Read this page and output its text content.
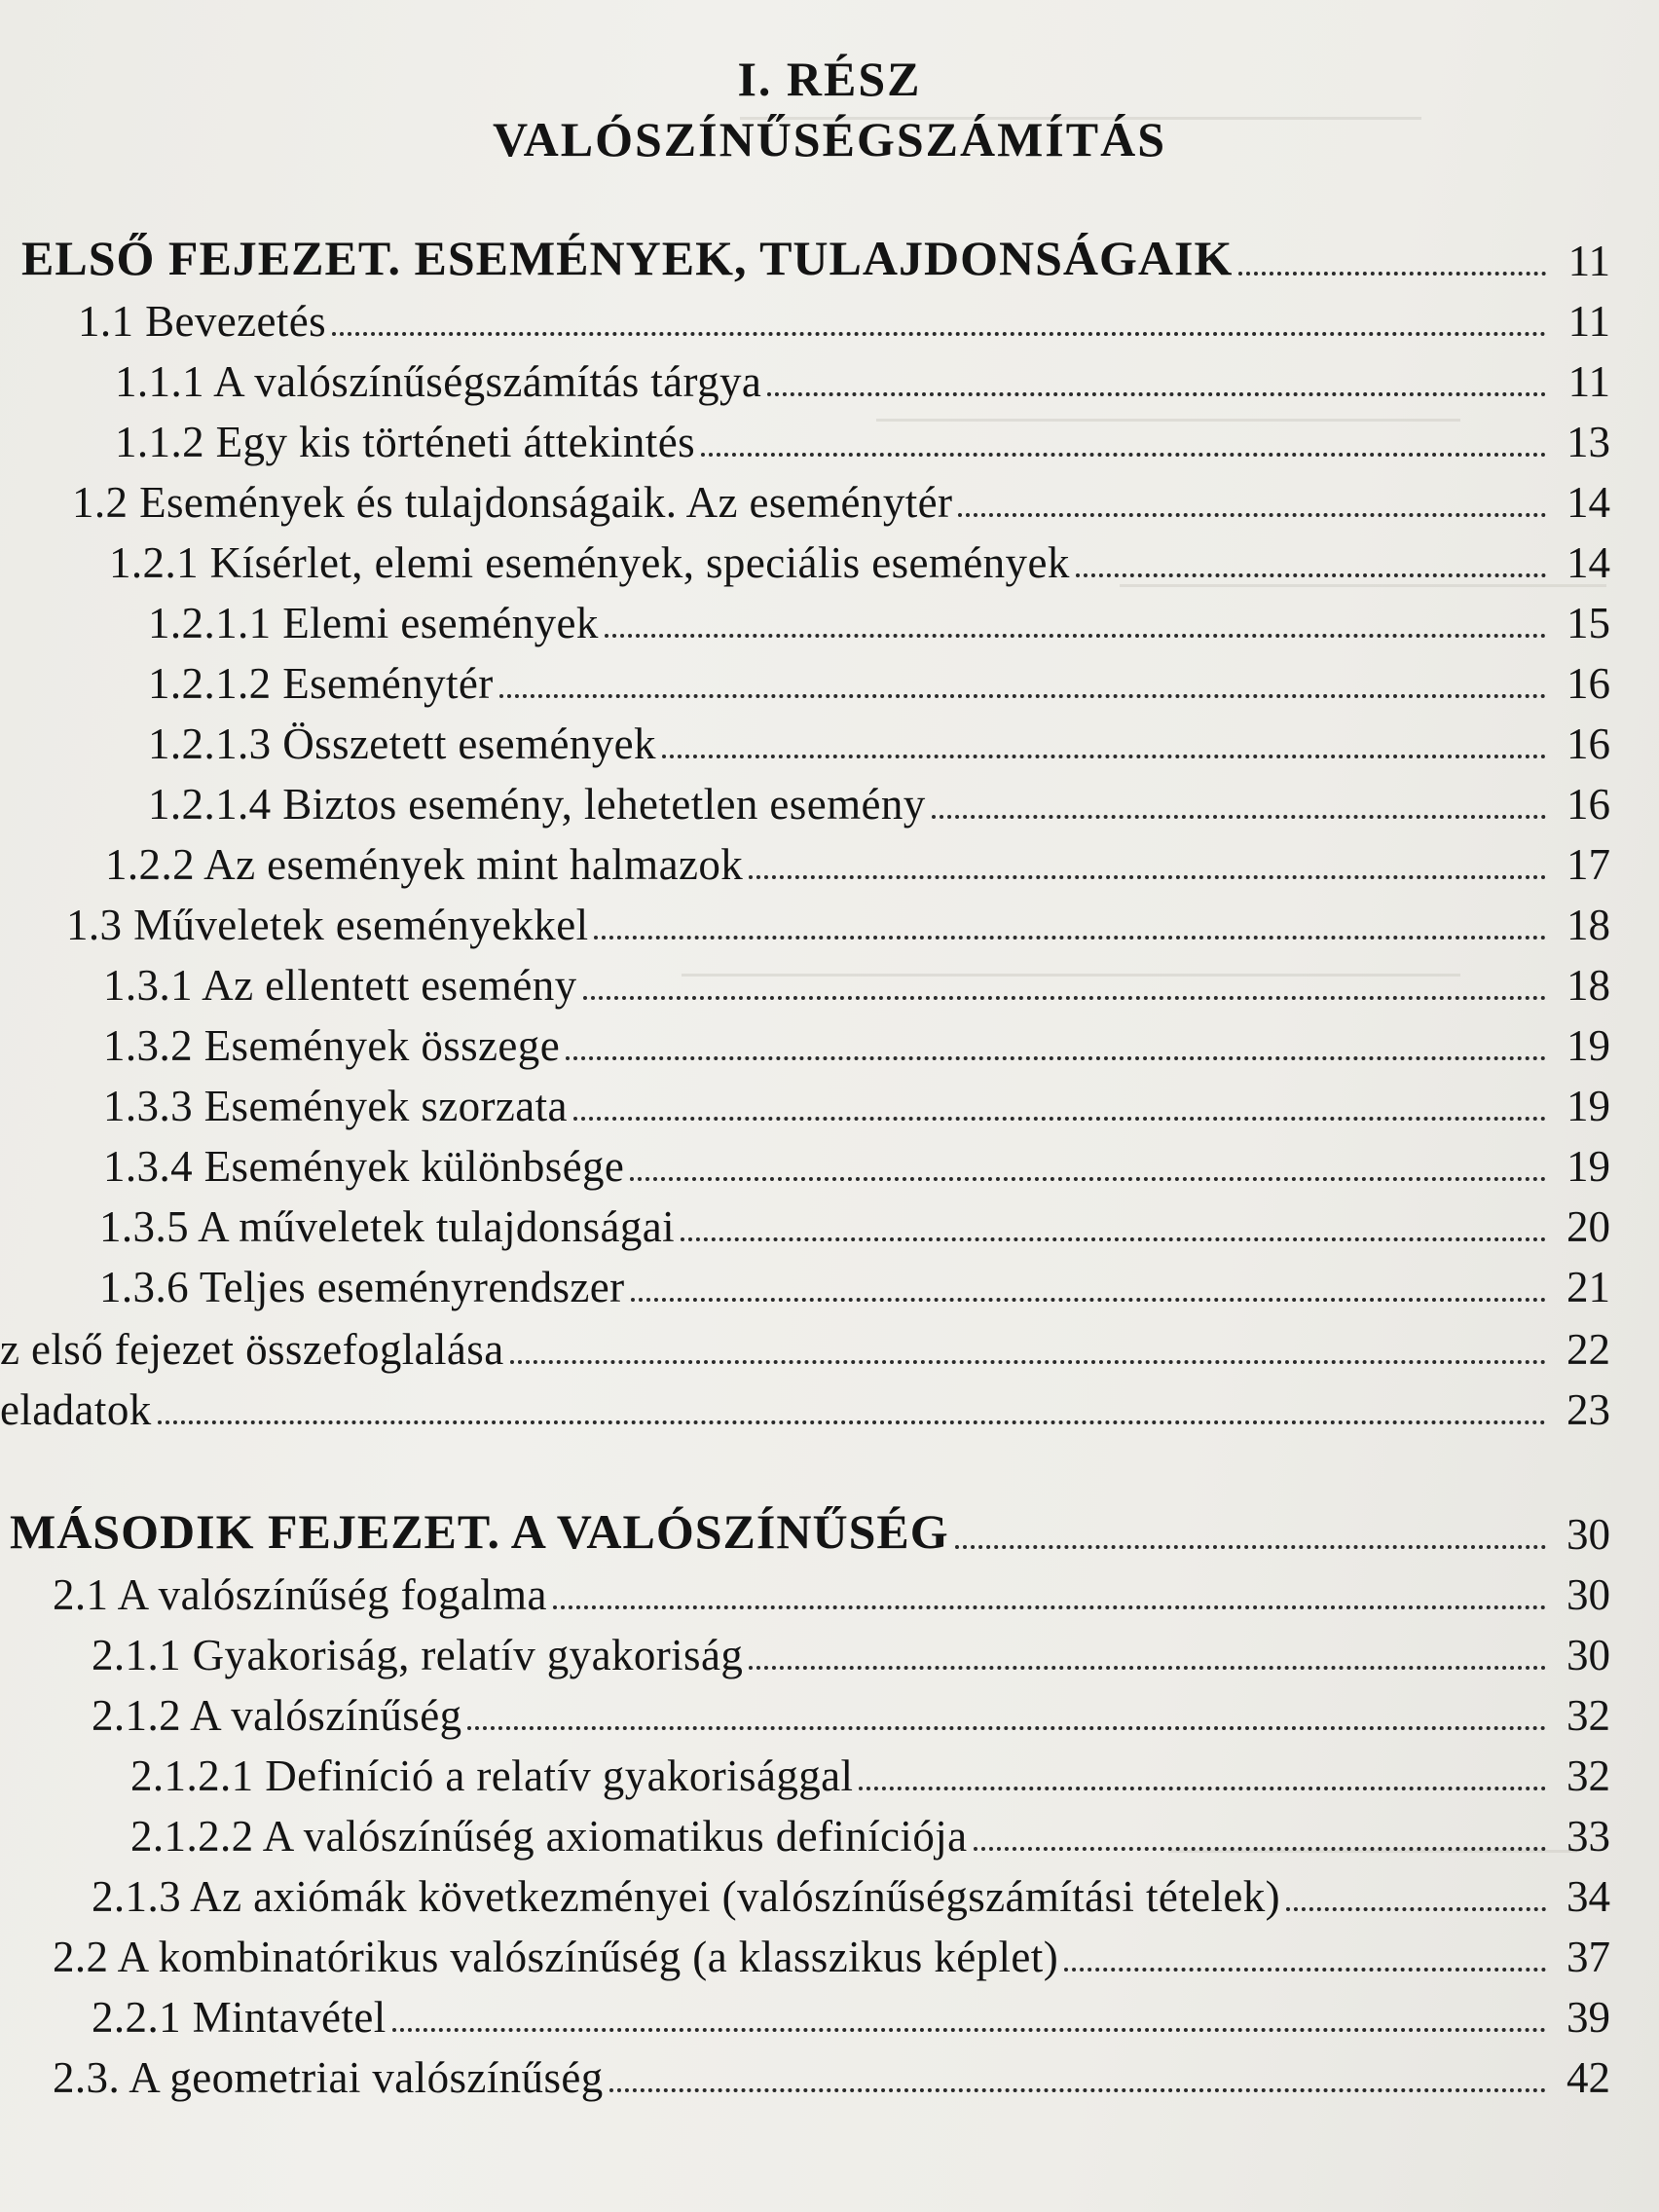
I. RÉSZ
VALÓSZÍNŰSÉGSZÁMÍTÁS
ELSŐ FEJEZET. ESEMÉNYEK, TULAJDONSÁGAIK	11
1.1 Bevezetés	11
1.1.1 A valószínűségszámítás tárgya	11
1.1.2 Egy kis történeti áttekintés	13
1.2 Események és tulajdonságaik. Az eseménytér	14
1.2.1 Kísérlet, elemi események, speciális események	14
1.2.1.1 Elemi események	15
1.2.1.2 Eseménytér	16
1.2.1.3 Összetett események	16
1.2.1.4 Biztos esemény, lehetetlen esemény	16
1.2.2 Az események mint halmazok	17
1.3 Műveletek eseményekkel	18
1.3.1 Az ellentett esemény	18
1.3.2 Események összege	19
1.3.3 Események szorzata	19
1.3.4 Események különbsége	19
1.3.5 A műveletek tulajdonságai	20
1.3.6 Teljes eseményrendszer	21
z első fejezet összefoglalása	22
eladatok	23
MÁSODIK FEJEZET. A VALÓSZÍNŰSÉG	30
2.1 A valószínűség fogalma	30
2.1.1 Gyakoriság, relatív gyakoriság	30
2.1.2 A valószínűség	32
2.1.2.1 Definíció a relatív gyakorisággal	32
2.1.2.2 A valószínűség axiomatikus definíciója	33
2.1.3 Az axiómák következményei (valószínűségszámítási tételek)	34
2.2 A kombinatórikus valószínűség (a klasszikus képlet)	37
2.2.1 Mintavétel	39
2.3. A geometriai valószínűség	42
